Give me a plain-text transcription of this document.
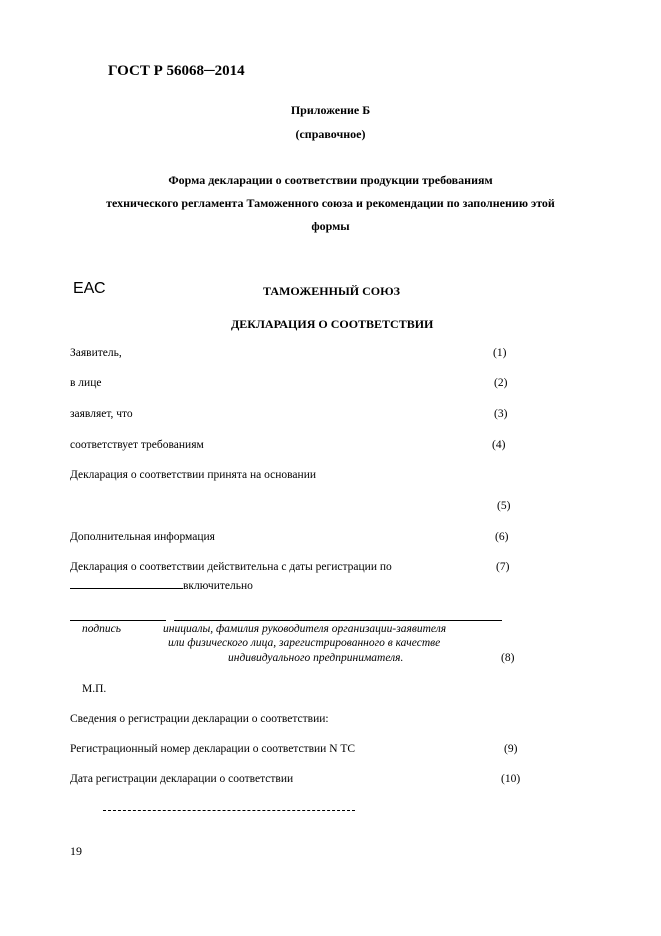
ГОСТ Р 56068─2014
Приложение Б
(справочное)
Форма декларации о соответствии продукции требованиям
технического регламента Таможенного союза и рекомендации по заполнению этой
формы
ЕАС	ТАМОЖЕННЫЙ СОЮЗ
ДЕКЛАРАЦИЯ О СООТВЕТСТВИИ
Заявитель,	(1)
в лице	(2)
заявляет, что	(3)
соответствует требованиям	(4)
Декларация о соответствии принята на основании
(5)
Дополнительная информация	(6)
Декларация о соответствии действительна с даты регистрации по	(7)
включительно
подпись	инициалы, фамилия руководителя организации-заявителя
или физического лица, зарегистрированного в качестве
индивидуального предпринимателя.	(8)
М.П.
Сведения о регистрации декларации о соответствии:
Регистрационный номер декларации о соответствии N ТС	(9)
Дата регистрации декларации о соответствии	(10)
19
